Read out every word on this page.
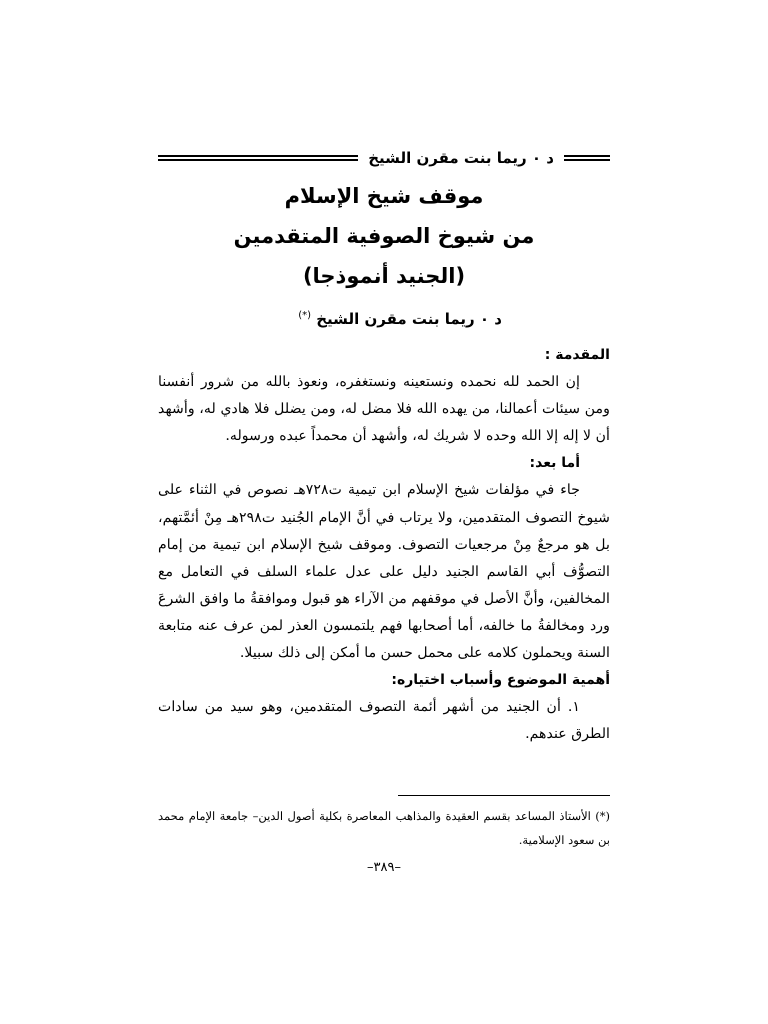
د ٠ ريما بنت مقرن الشيخ
موقف شيخ الإسلام
من شيوخ الصوفية المتقدمين
(الجنيد أنموذجا)
د ٠ ريما بنت مقرن الشيخ (*)

المقدمة :

إن الحمد لله نحمده ونستعينه ونستغفره، ونعوذ بالله من شرور أنفسنا ومن سيئات أعمالنا، من يهده الله فلا مضل له، ومن يضلل فلا هادي له، وأشهد أن لا إله إلا الله وحده لا شريك له، وأشهد أن محمداً عبده ورسوله.

أما بعد:

جاء في مؤلفات شيخ الإسلام ابن تيمية ت٧٢٨هـ نصوص في الثناء على شيوخ التصوف المتقدمين، ولا يرتاب في أنَّ الإمام الجُنيد ت٢٩٨هـ مِنْ أئمَّتهم، بل هو مرجعٌ مِنْ مرجعيات التصوف. وموقف شيخ الإسلام ابن تيمية من إمام التصوُّف أبي القاسم الجنيد دليل على عدل علماء السلف في التعامل مع المخالفين، وأنَّ الأصل في موقفهم من الآراء هو قبول وموافقةُ ما وافق الشرعَ ورد ومخالفةُ ما خالفه، أما أصحابها فهم يلتمسون العذر لمن عرف عنه متابعة السنة ويحملون كلامه على محمل حسن ما أمكن إلى ذلك سبيلا.

أهمية الموضوع وأسباب اختياره:

١. أن الجنيد من أشهر أئمة التصوف المتقدمين، وهو سيد من سادات الطرق عندهم.

(*) الأستاذ المساعد بقسم العقيدة والمذاهب المعاصرة بكلية أصول الدين– جامعة الإمام محمد بن سعود الإسلامية.
–٣٨٩–
